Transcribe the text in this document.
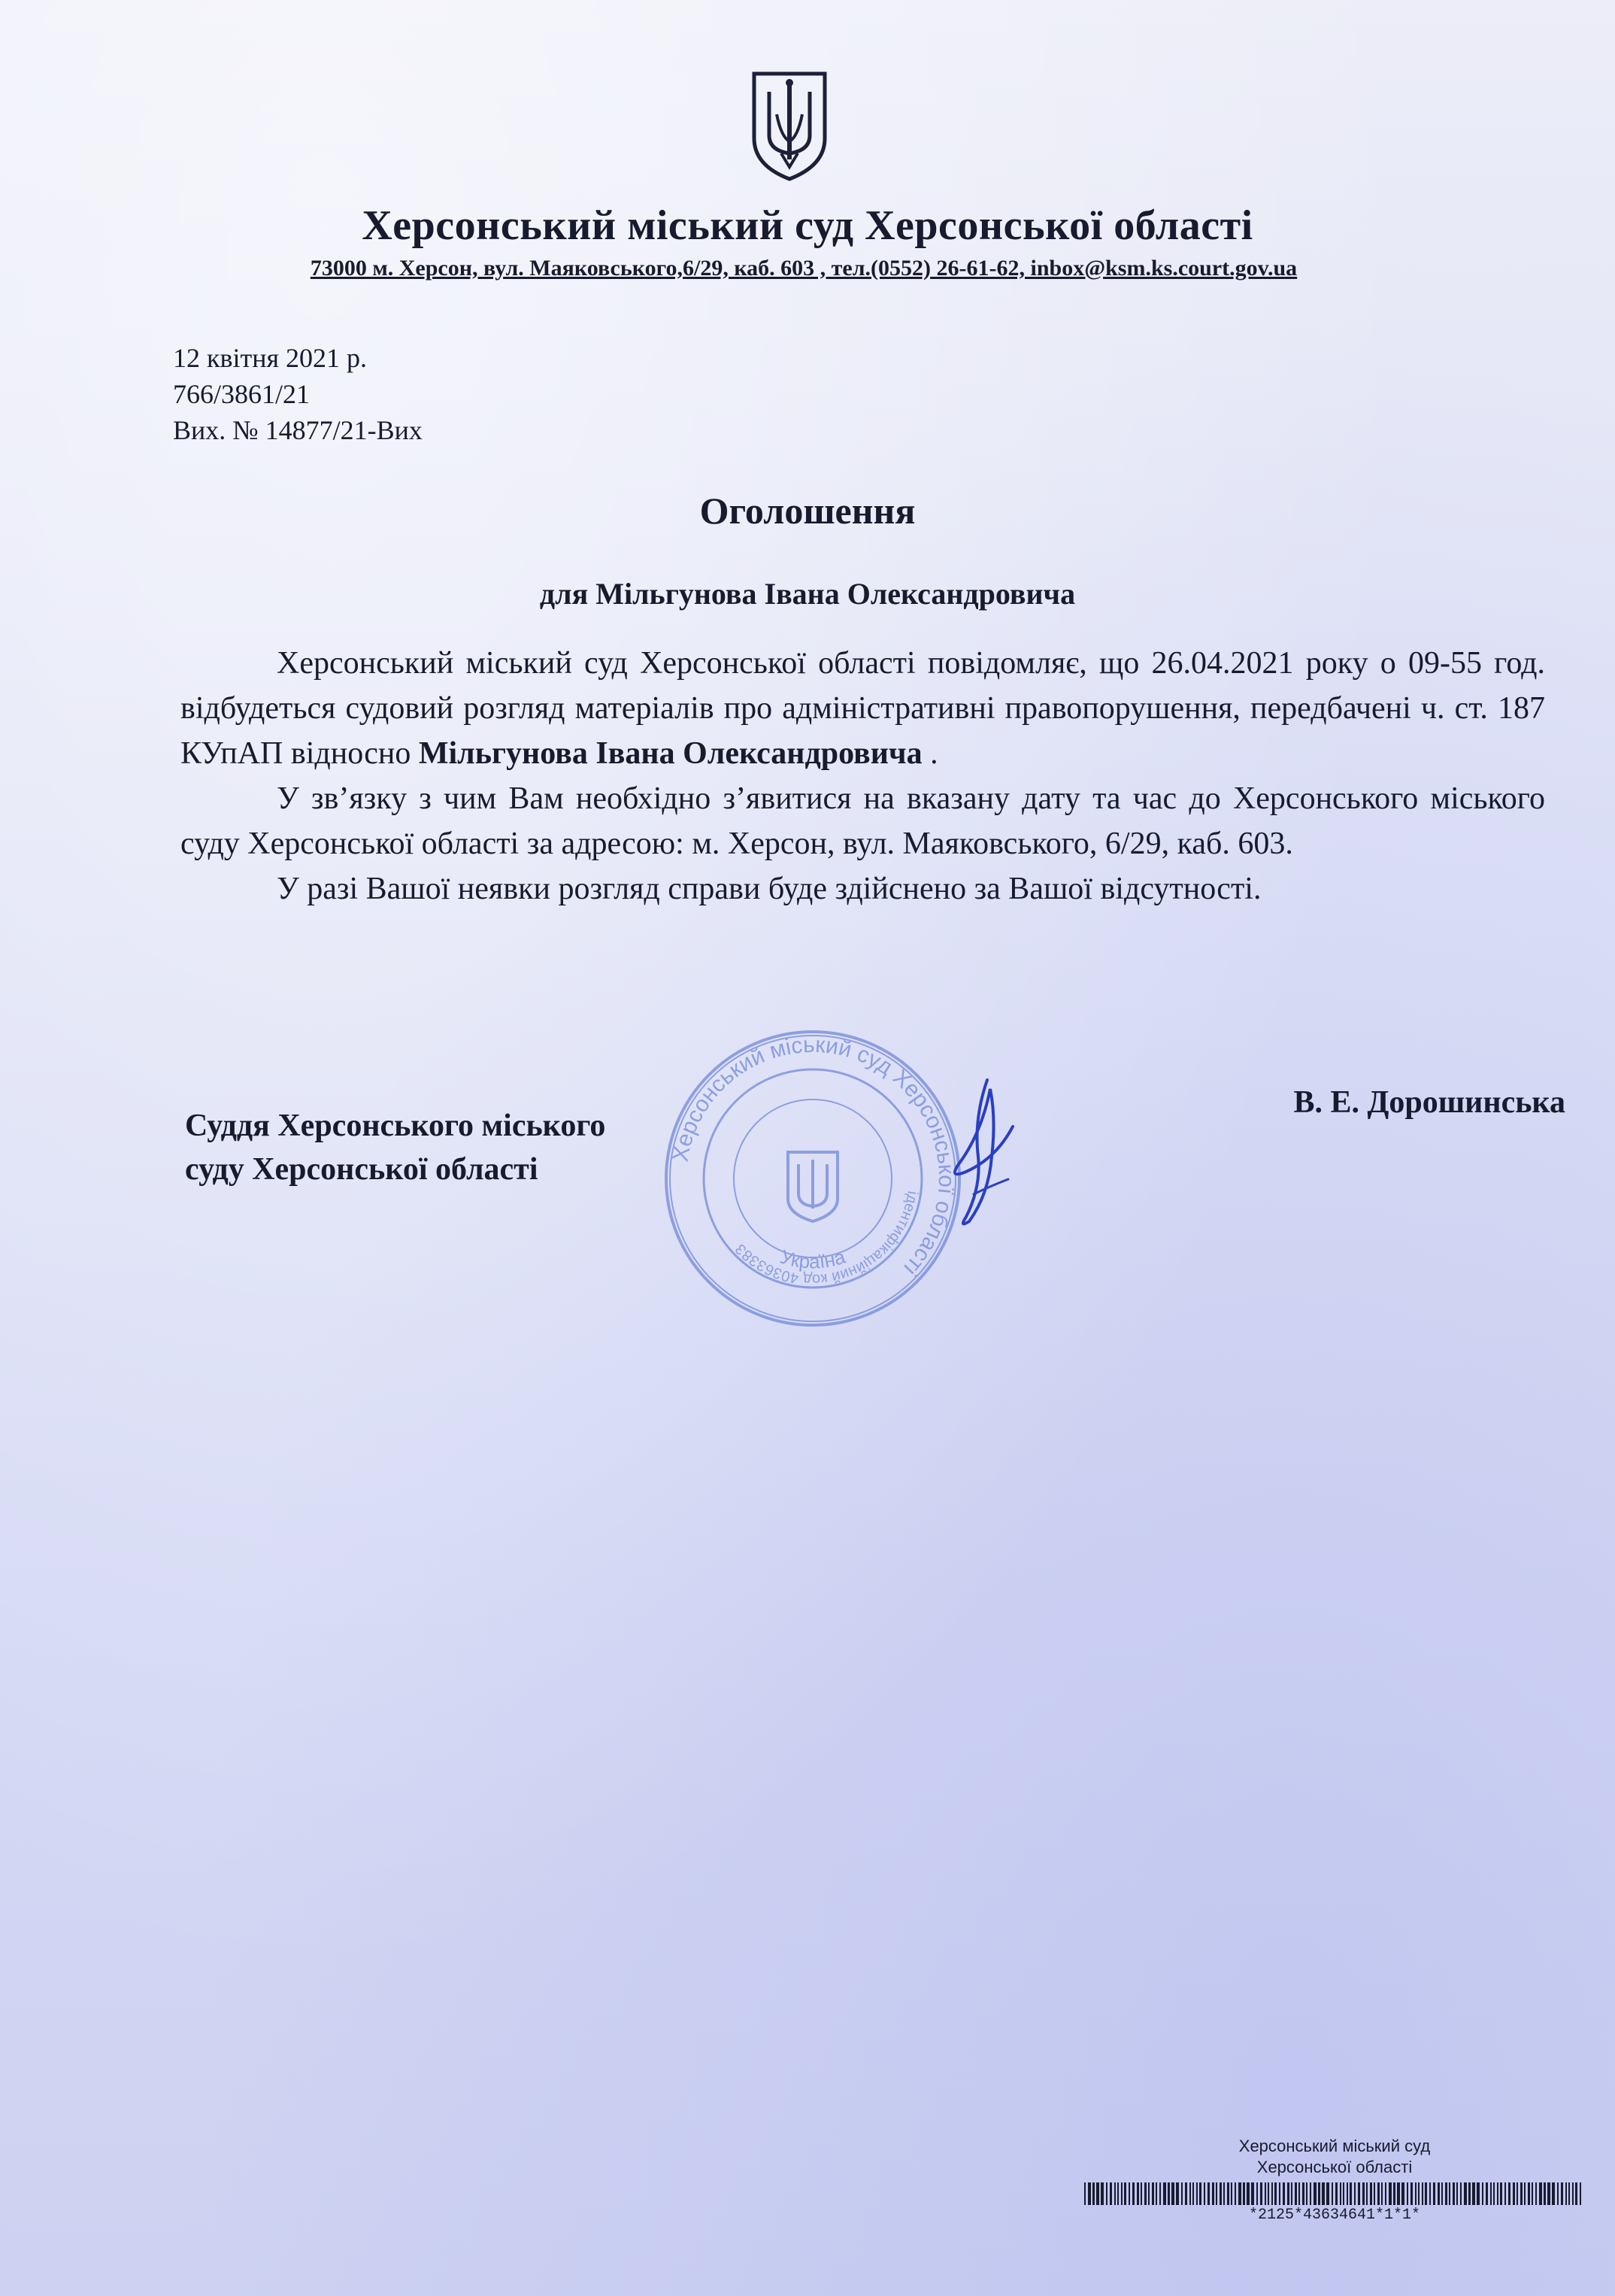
Херсонський міський суд Херсонської області
73000 м. Херсон, вул. Маяковського,6/29, каб. 603 , тел.(0552) 26-61-62, inbox@ksm.ks.court.gov.ua
12 квітня 2021 р.
766/3861/21
Вих. № 14877/21-Вих
Оголошення
для Мільгунова Івана Олександровича

Херсонський міський суд Херсонської області повідомляє, що 26.04.2021 року о 09-55 год. відбудеться судовий розгляд матеріалів про адміністративні правопорушення, передбачені ч. ст. 187 КУпАП відносно Мільгунова Івана Олександровича .

У зв’язку з чим Вам необхідно з’явитися на вказану дату та час до Херсонського міського суду Херсонської області за адресою: м. Херсон, вул. Маяковського, 6/29, каб. 603.

У разі Вашої неявки розгляд справи буде здійснено за Вашої відсутності.

Суддя Херсонського міського
суду Херсонської області
В. Е. Дорошинська
Херсонський міський суд Херсонської області
ідентифікаційний код 40363383	Україна
Херсонський міський суд
Херсонської області
*2125*43634641*1*1*
